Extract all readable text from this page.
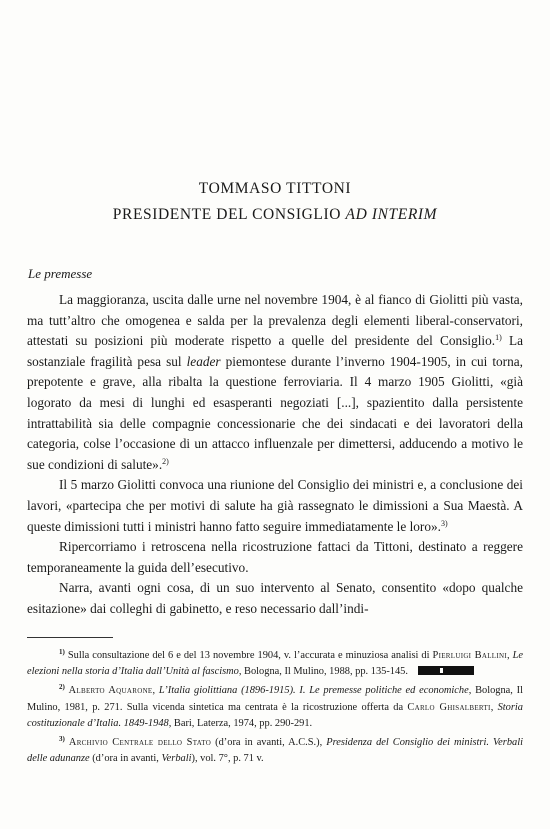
TOMMASO TITTONI

PRESIDENTE DEL CONSIGLIO AD INTERIM

Le premesse

La maggioranza, uscita dalle urne nel novembre 1904, è al fianco di Giolitti più vasta, ma tutt’altro che omogenea e salda per la prevalenza degli elementi liberal-conservatori, attestati su posizioni più moderate rispetto a quelle del presidente del Consiglio.$^{1)}$ La sostanziale fragilità pesa sul leader piemontese durante l’inverno 1904-1905, in cui torna, prepotente e grave, alla ribalta la questione ferroviaria. Il 4 marzo 1905 Giolitti, «già logorato da mesi di lunghi ed esasperanti negoziati [...], spazientito dalla persistente intrattabilità sia delle compagnie concessionarie che dei sindacati e dei lavoratori della categoria, colse l’occasione di un attacco influenzale per dimettersi, adducendo a motivo le sue condizioni di salute».$^{2)}$

Il 5 marzo Giolitti convoca una riunione del Consiglio dei ministri e, a conclusione dei lavori, «partecipa che per motivi di salute ha già rassegnato le dimissioni a Sua Maestà. A queste dimissioni tutti i ministri hanno fatto seguire immediatamente le loro».$^{3)}$

Ripercorriamo i retroscena nella ricostruzione fattaci da Tittoni, destinato a reggere temporaneamente la guida dell’esecutivo.

Narra, avanti ogni cosa, di un suo intervento al Senato, consentito «dopo qualche esitazione» dai colleghi di gabinetto, e reso necessario dall’indi-

$^{1)}$ Sulla consultazione del 6 e del 13 novembre 1904, v. l’accurata e minuziosa analisi di Pierluigi Ballini, Le elezioni nella storia d’Italia dall’Unità al fascismo, Bologna, Il Mulino, 1988, pp. 135-145.

$^{2)}$ Alberto Aquarone, L’Italia giolittiana (1896-1915). I. Le premesse politiche ed economiche, Bologna, Il Mulino, 1981, p. 271. Sulla vicenda sintetica ma centrata è la ricostruzione offerta da Carlo Ghisalberti, Storia costituzionale d’Italia. 1849-1948, Bari, Laterza, 1974, pp. 290-291.

$^{3)}$ Archivio Centrale dello Stato (d’ora in avanti, A.C.S.), Presidenza del Consiglio dei ministri. Verbali delle adunanze (d’ora in avanti, Verbali), vol. 7°, p. 71 v.
